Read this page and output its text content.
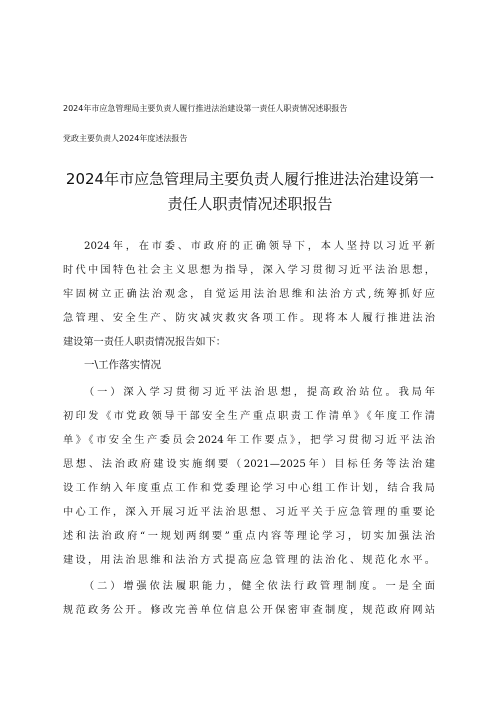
2024年市应急管理局主要负责人履行推进法治建设第一责任人职责情况述职报告
党政主要负责人2024年度述法报告
2024年市应急管理局主要负责人履行推进法治建设第一
责任人职责情况述职报告
2024年，在市委、市政府的正确领导下，本人坚持以习近平新
时代中国特色社会主义思想为指导，深入学习贯彻习近平法治思想，
牢固树立正确法治观念，自觉运用法治思维和法治方式,统筹抓好应
急管理、安全生产、防灾减灾救灾各项工作。现将本人履行推进法治
建设第一责任人职责情况报告如下：
一\工作落实情况
（一）深入学习贯彻习近平法治思想，提高政治站位。我局年
初印发《市党政领导干部安全生产重点职责工作清单》《年度工作清
单》《市安全生产委员会2024年工作要点》，把学习贯彻习近平法治
思想、法治政府建设实施纲要（2021—2025年）目标任务等法治建
设工作纳入年度重点工作和党委理论学习中心组工作计划，结合我局
中心工作，深入开展习近平法治思想、习近平关于应急管理的重要论
述和法治政府“一规划两纲要”重点内容等理论学习，切实加强法治
建设，用法治思维和法治方式提高应急管理的法治化、规范化水平。
（二）增强依法履职能力，健全依法行政管理制度。一是全面
规范政务公开。修改完善单位信息公开保密审查制度，规范政府网站
